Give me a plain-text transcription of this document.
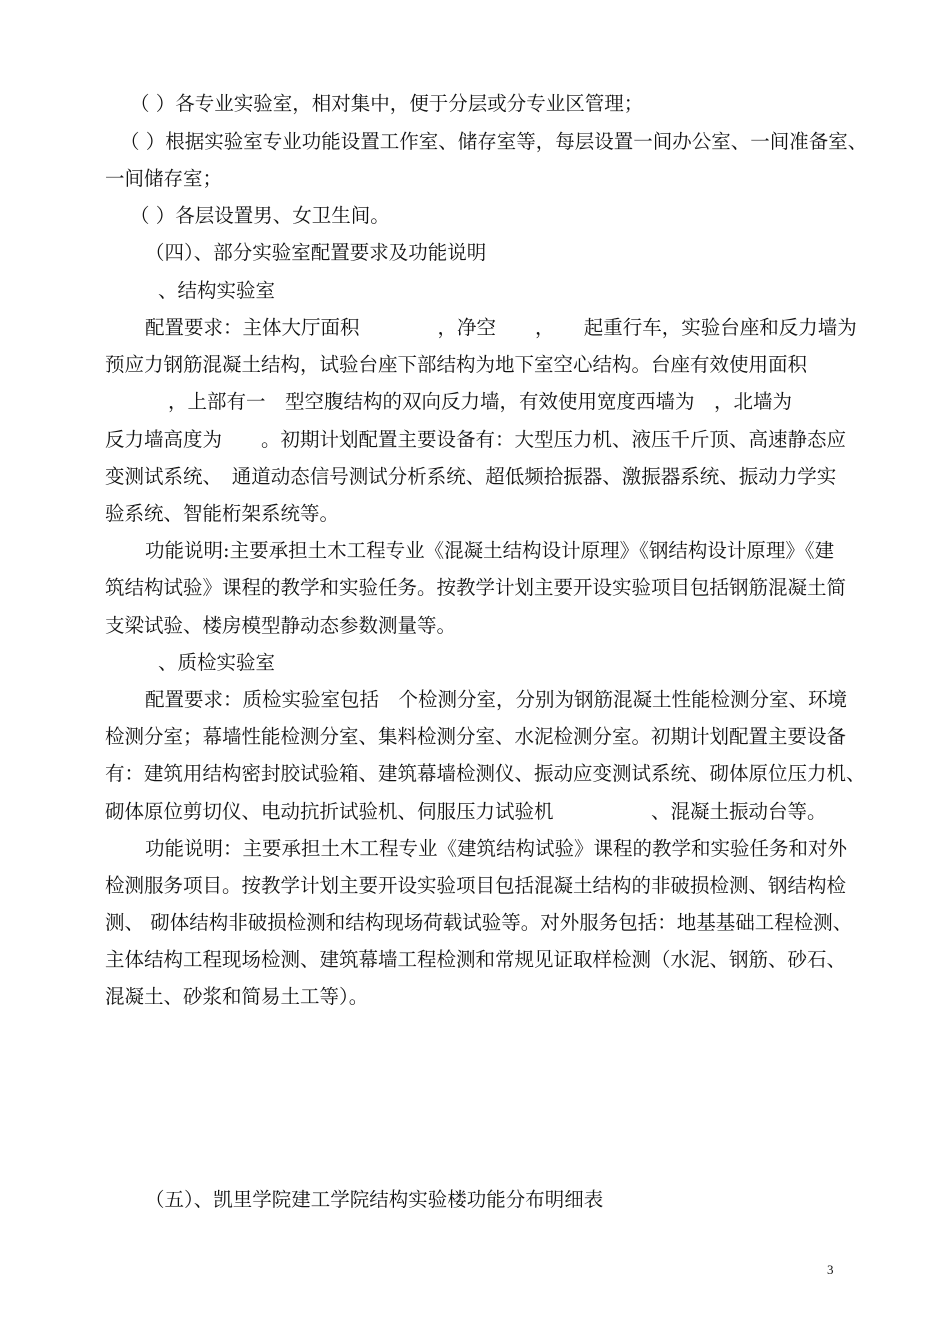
（ ）各专业实验室，相对集中，便于分层或分专业区管理；
（ ）根据实验室专业功能设置工作室、储存室等，每层设置一间办公室、一间准备室、
一间储存室；
（ ）各层设置男、女卫生间。
（四）、部分实验室配置要求及功能说明
、结构实验室
配置要求：主体大厅面积　　　　，净空　　，　　起重行车，实验台座和反力墙为
预应力钢筋混凝土结构，试验台座下部结构为地下室空心结构。台座有效使用面积
，上部有一　型空腹结构的双向反力墙，有效使用宽度西墙为　，北墙为
反力墙高度为　　。初期计划配置主要设备有：大型压力机、液压千斤顶、高速静态应
变测试系统、　通道动态信号测试分析系统、超低频拾振器、激振器系统、振动力学实
验系统、智能桁架系统等。
功能说明:主要承担土木工程专业《混凝土结构设计原理》《钢结构设计原理》《建
筑结构试验》课程的教学和实验任务。按教学计划主要开设实验项目包括钢筋混凝土简
支梁试验、楼房模型静动态参数测量等。
、质检实验室
配置要求：质检实验室包括　个检测分室，分别为钢筋混凝土性能检测分室、环境
检测分室；幕墙性能检测分室、集料检测分室、水泥检测分室。初期计划配置主要设备
有：建筑用结构密封胶试验箱、建筑幕墙检测仪、振动应变测试系统、砌体原位压力机、
砌体原位剪切仪、电动抗折试验机、伺服压力试验机　　　　　、混凝土振动台等。
功能说明：主要承担土木工程专业《建筑结构试验》课程的教学和实验任务和对外
检测服务项目。按教学计划主要开设实验项目包括混凝土结构的非破损检测、钢结构检
测、 砌体结构非破损检测和结构现场荷载试验等。对外服务包括：地基基础工程检测、
主体结构工程现场检测、建筑幕墙工程检测和常规见证取样检测（水泥、钢筋、砂石、
混凝土、砂浆和简易土工等）。
（五）、凯里学院建工学院结构实验楼功能分布明细表
3
